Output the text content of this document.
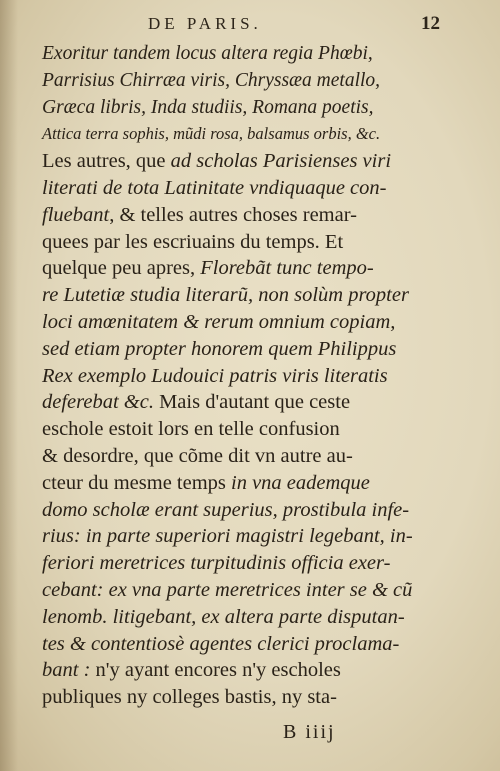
DE PARIS.	12
Exoritur tandem locus altera regia Phœbi,
Parrisius Chirræa viris, Chryssæa metallo,
Græca libris, Inda studiis, Romana poetis,
Attica terra sophis, mũdi rosa, balsamus orbis, &c.
Les autres, que ad scholas Parisienses viri
literati de tota Latinitate vndiquaque con-
fluebant, & telles autres choses remar-
quees par les escriuains du temps. Et
quelque peu apres, Florebãt tunc tempo-
re Lutetiæ studia literarũ, non solùm propter
loci amœnitatem & rerum omnium copiam,
sed etiam propter honorem quem Philippus
Rex exemplo Ludouici patris viris literatis
deferebat &c. Mais d'autant que ceste
eschole estoit lors en telle confusion
& desordre, que cõme dit vn autre au-
cteur du mesme temps in vna eademque
domo scholæ erant superius, prostibula infe-
rius: in parte superiori magistri legebant, in-
feriori meretrices turpitudinis officia exer-
cebant: ex vna parte meretrices inter se & cũ
lenomb. litigebant, ex altera parte disputan-
tes & contentiosè agentes clerici proclama-
bant : n'y ayant encores n'y escholes
publiques ny colleges bastis, ny sta-
B iiij
